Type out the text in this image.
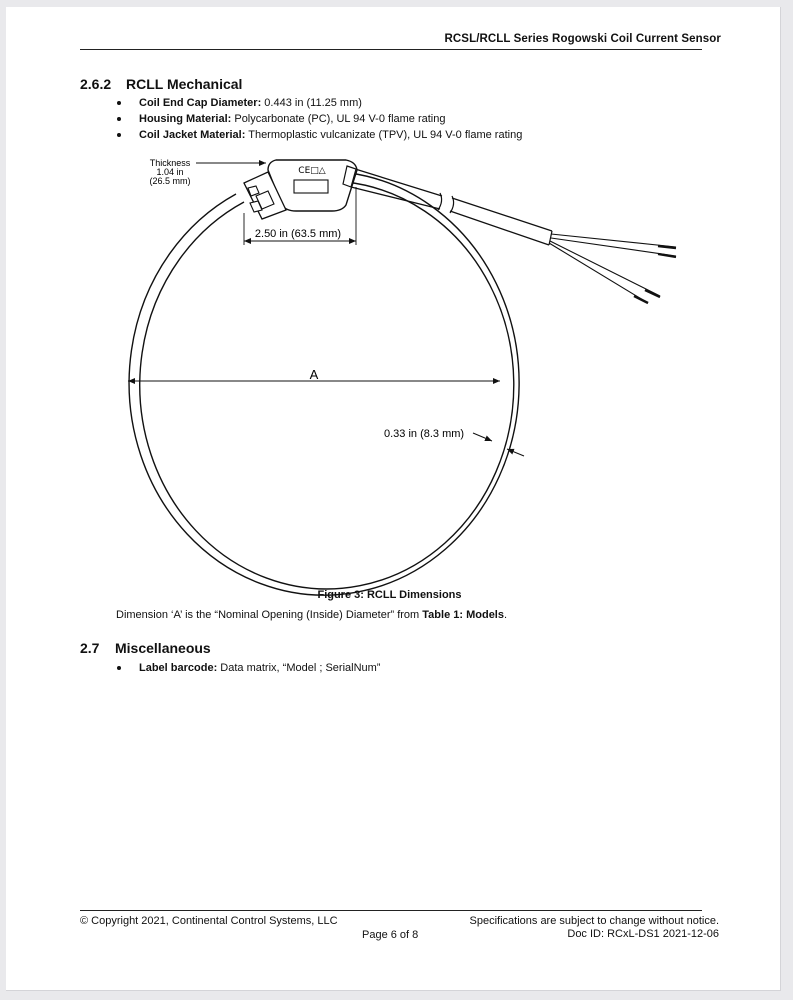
RCSL/RCLL Series Rogowski Coil Current Sensor
2.6.2 RCLL Mechanical
Coil End Cap Diameter: 0.443 in (11.25 mm)
Housing Material: Polycarbonate (PC), UL 94 V-0 flame rating
Coil Jacket Material: Thermoplastic vulcanizate (TPV), UL 94 V-0 flame rating
A
0.33 in (8.3 mm)
CE□△
Thickness
1.04 in
(26.5 mm)
2.50 in (63.5 mm)
Figure 3: RCLL Dimensions
Dimension ‘A’ is the “Nominal Opening (Inside) Diameter” from Table 1: Models.
2.7 Miscellaneous
Label barcode: Data matrix, “Model ; SerialNum”
© Copyright 2021, Continental Control Systems, LLC
Page 6 of 8
Specifications are subject to change without notice.
Doc ID: RCxL-DS1 2021-12-06
